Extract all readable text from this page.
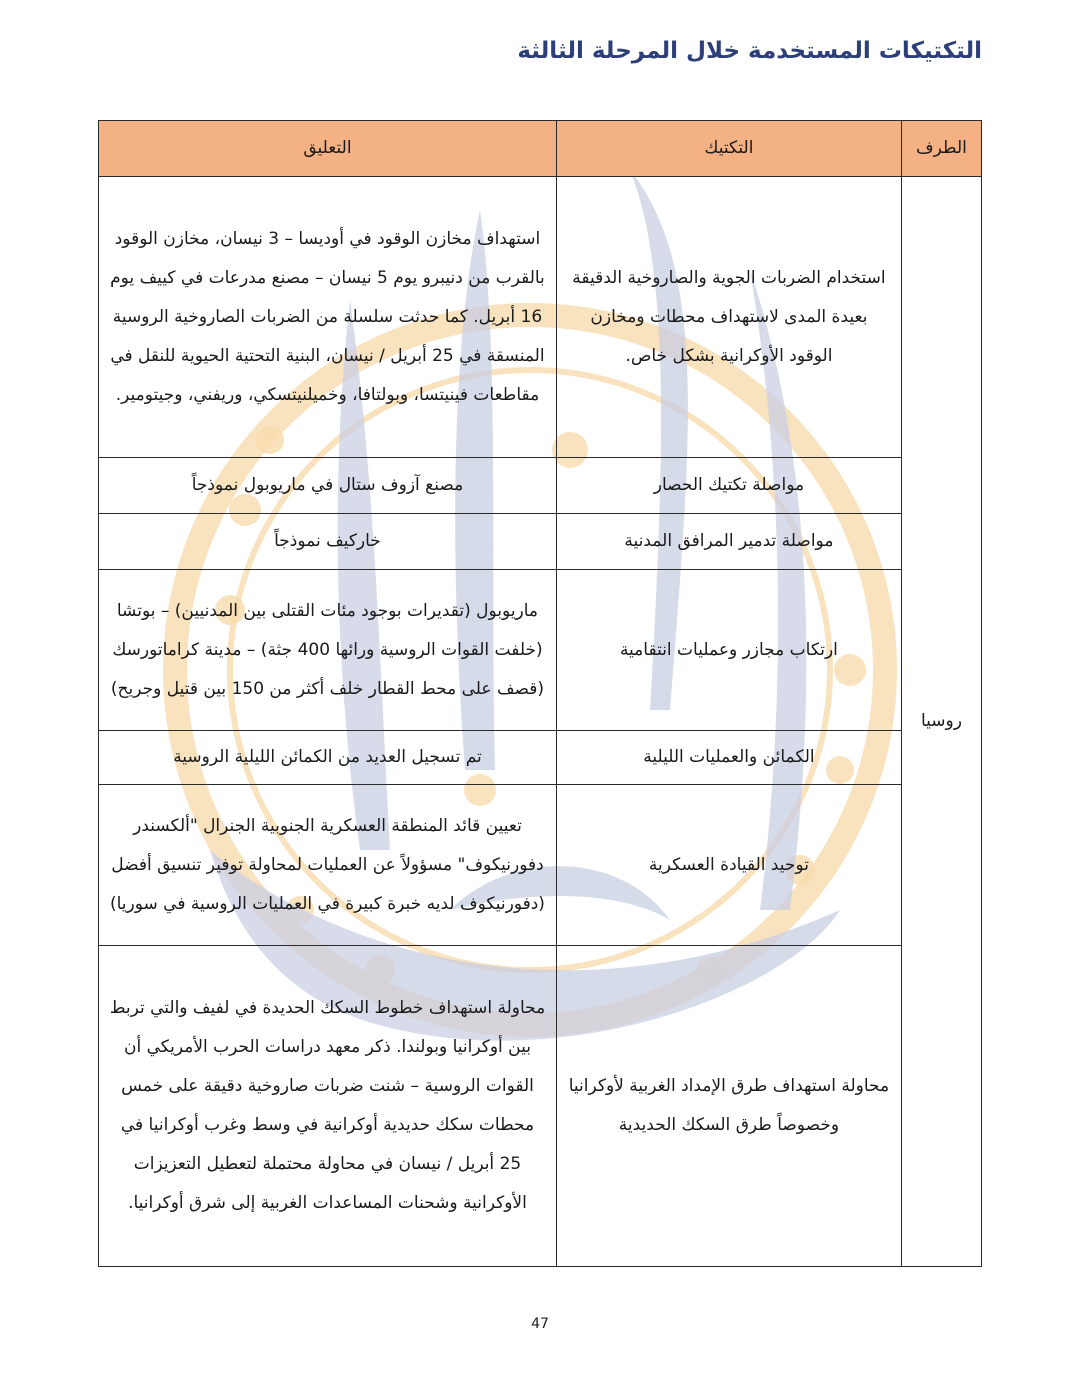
التكتيكات المستخدمة خلال المرحلة الثالثة
الطرف	التكتيك	التعليق
روسيا	استخدام الضربات الجوية والصاروخية الدقيقة بعيدة المدى لاستهداف محطات ومخازن الوقود الأوكرانية بشكل خاص.	استهداف مخازن الوقود في أوديسا – 3 نيسان، مخازن الوقود بالقرب من دنيبرو يوم 5 نيسان – مصنع مدرعات في كييف يوم 16 أبريل. كما حدثت سلسلة من الضربات الصاروخية الروسية المنسقة في 25 أبريل / نيسان، البنية التحتية الحيوية للنقل في مقاطعات فينيتسا، وبولتافا، وخميلنيتسكي، وريفني، وجيتومير.
	مواصلة تكتيك الحصار	مصنع آزوف ستال في ماريوبول نموذجاً
	مواصلة تدمير المرافق المدنية	خاركيف نموذجاً
	ارتكاب مجازر وعمليات انتقامية	ماريوبول (تقديرات بوجود مئات القتلى بين المدنيين) – بوتشا (خلفت القوات الروسية ورائها 400 جثة) – مدينة كراماتورسك (قصف على محط القطار خلف أكثر من 150 بين قتيل وجريح)
	الكمائن والعمليات الليلية	تم تسجيل العديد من الكمائن الليلية الروسية
	توحيد القيادة العسكرية	تعيين قائد المنطقة العسكرية الجنوبية الجنرال "ألكسندر دفورنيكوف" مسؤولاً عن العمليات لمحاولة توفير تنسيق أفضل (دفورنيكوف لديه خبرة كبيرة في العمليات الروسية في سوريا)
	محاولة استهداف طرق الإمداد الغربية لأوكرانيا وخصوصاً طرق السكك الحديدية	محاولة استهداف خطوط السكك الحديدة في لفيف والتي تربط بين أوكرانيا وبولندا. ذكر معهد دراسات الحرب الأمريكي أن القوات الروسية – شنت ضربات صاروخية دقيقة على خمس محطات سكك حديدية أوكرانية في وسط وغرب أوكرانيا في 25 أبريل / نيسان في محاولة محتملة لتعطيل التعزيزات الأوكرانية وشحنات المساعدات الغربية إلى شرق أوكرانيا.
47
